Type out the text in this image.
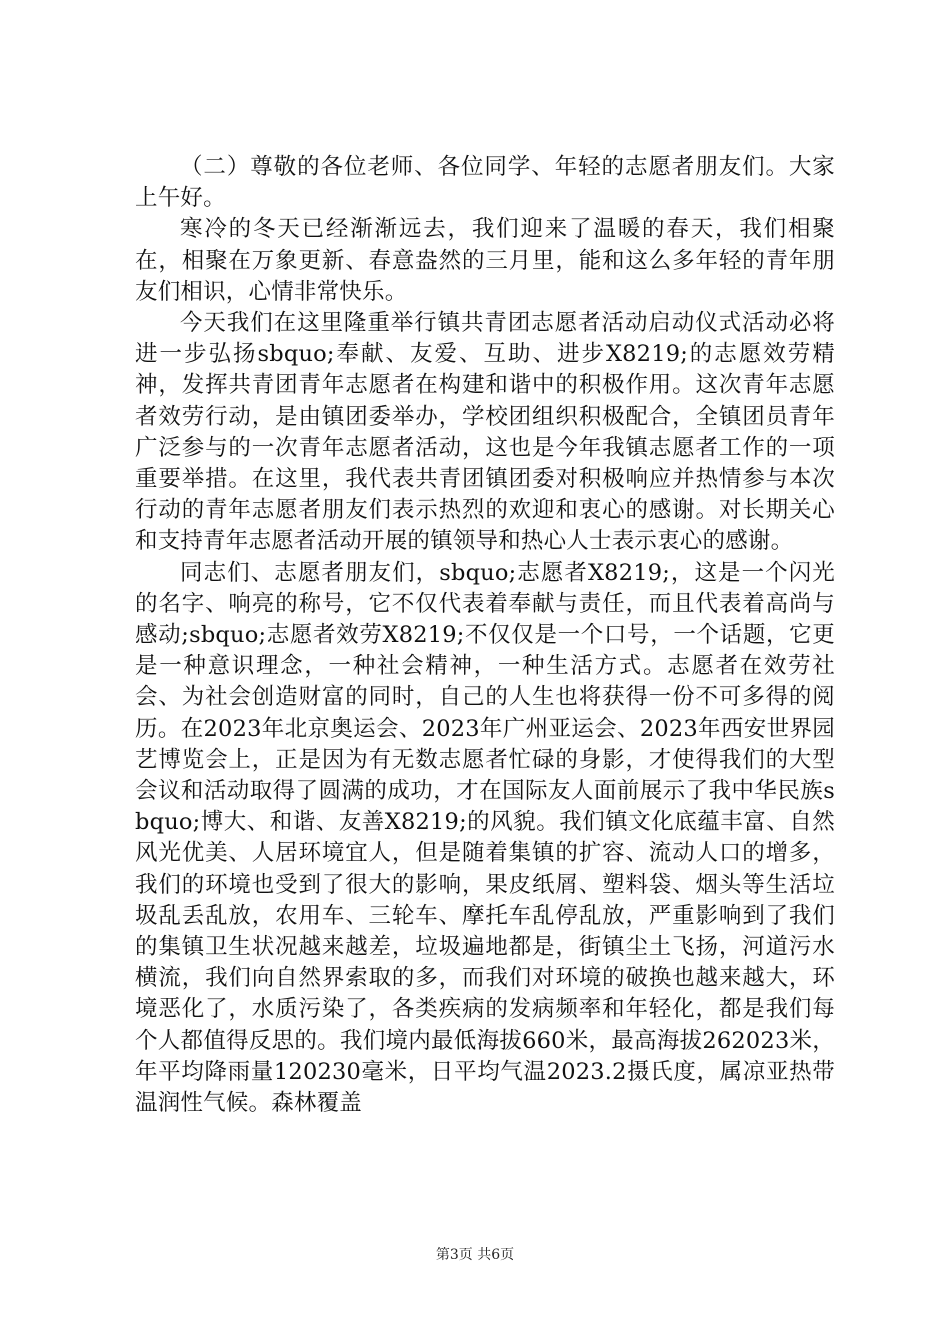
（二）尊敬的各位老师、各位同学、年轻的志愿者朋友们。大家上午好。

寒冷的冬天已经渐渐远去，我们迎来了温暖的春天，我们相聚在，相聚在万象更新、春意盎然的三月里，能和这么多年轻的青年朋友们相识，心情非常快乐。

今天我们在这里隆重举行镇共青团志愿者活动启动仪式活动必将进一步弘扬sbquo;奉献、友爱、互助、进步X8219;的志愿效劳精神，发挥共青团青年志愿者在构建和谐中的积极作用。这次青年志愿者效劳行动，是由镇团委举办，学校团组织积极配合，全镇团员青年广泛参与的一次青年志愿者活动，这也是今年我镇志愿者工作的一项重要举措。在这里，我代表共青团镇团委对积极响应并热情参与本次行动的青年志愿者朋友们表示热烈的欢迎和衷心的感谢。对长期关心和支持青年志愿者活动开展的镇领导和热心人士表示衷心的感谢。

同志们、志愿者朋友们，sbquo;志愿者X8219;，这是一个闪光的名字、响亮的称号，它不仅代表着奉献与责任，而且代表着高尚与感动;sbquo;志愿者效劳X8219;不仅仅是一个口号，一个话题，它更是一种意识理念，一种社会精神，一种生活方式。志愿者在效劳社会、为社会创造财富的同时，自己的人生也将获得一份不可多得的阅历。在2023年北京奥运会、2023年广州亚运会、2023年西安世界园艺博览会上，正是因为有无数志愿者忙碌的身影，才使得我们的大型会议和活动取得了圆满的成功，才在国际友人面前展示了我中华民族sbquo;博大、和谐、友善X8219;的风貌。我们镇文化底蕴丰富、自然风光优美、人居环境宜人，但是随着集镇的扩容、流动人口的增多，我们的环境也受到了很大的影响，果皮纸屑、塑料袋、烟头等生活垃圾乱丢乱放，农用车、三轮车、摩托车乱停乱放，严重影响到了我们的集镇卫生状况越来越差，垃圾遍地都是，街镇尘土飞扬，河道污水横流，我们向自然界索取的多，而我们对环境的破换也越来越大，环境恶化了，水质污染了，各类疾病的发病频率和年轻化，都是我们每个人都值得反思的。我们境内最低海拔660米，最高海拔262023米，年平均降雨量120230毫米，日平均气温2023.2摄氏度，属凉亚热带温润性气候。森林覆盖

第3页 共6页
